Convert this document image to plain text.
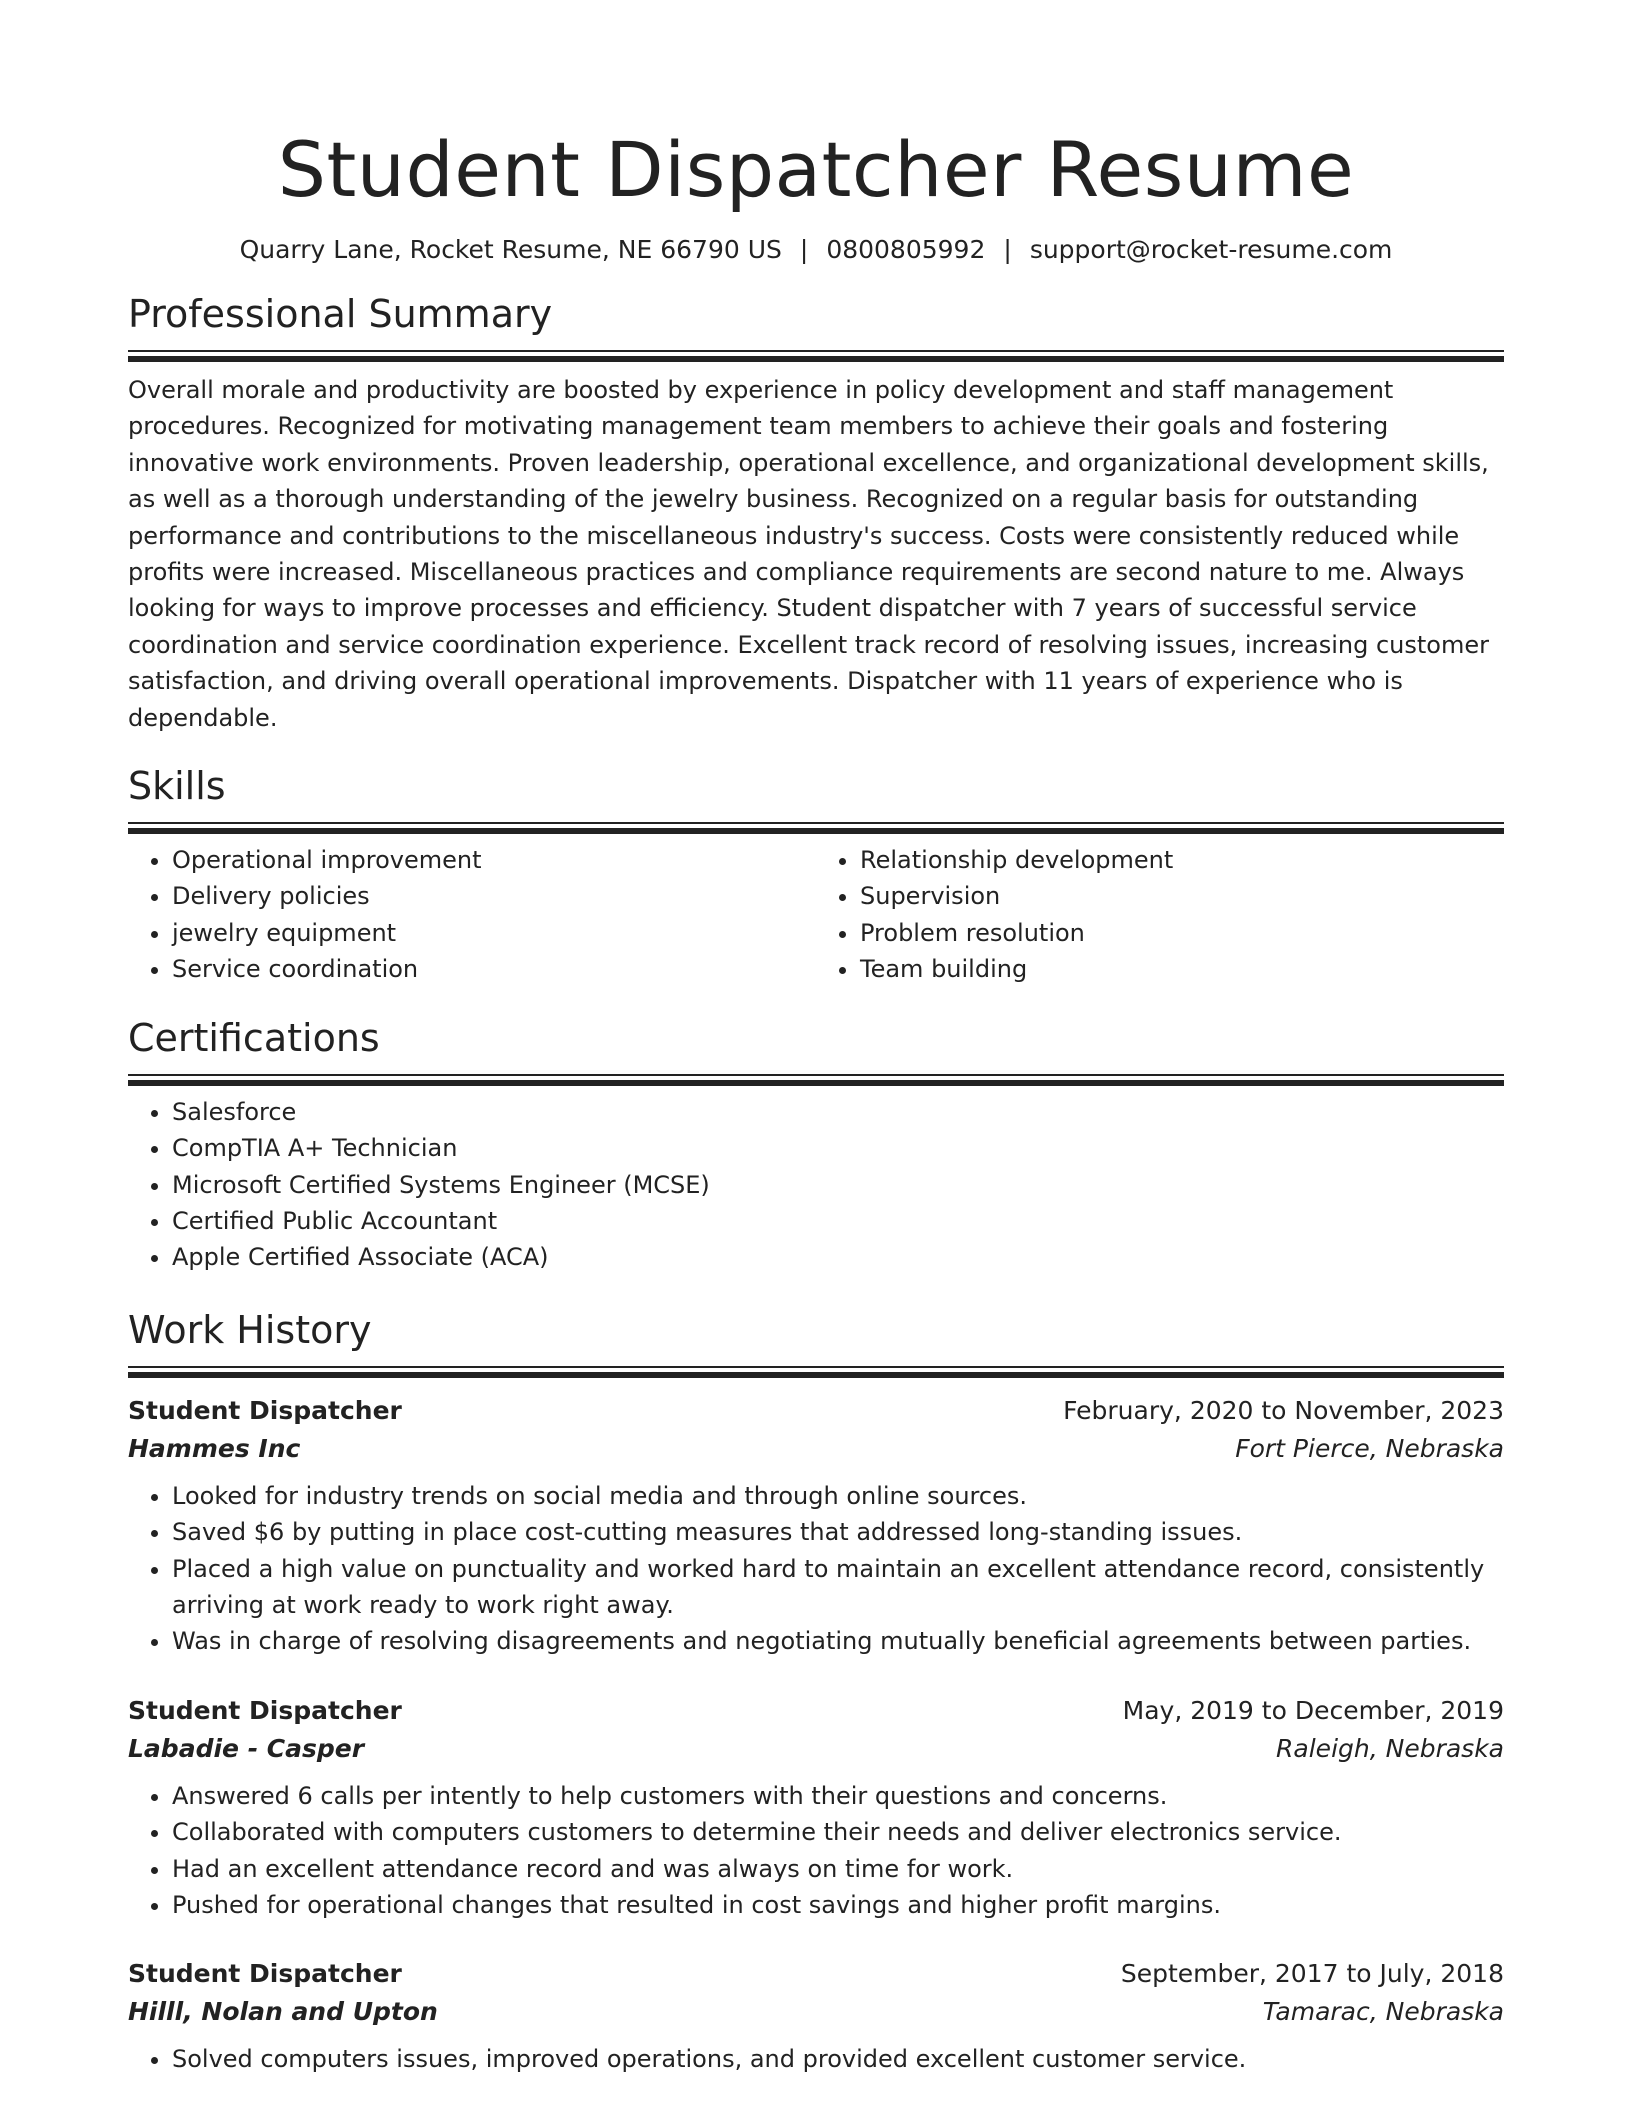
Student Dispatcher Resume
Quarry Lane, Rocket Resume, NE 66790 US | 0800805992 | support@rocket-resume.com
Professional Summary

Overall morale and productivity are boosted by experience in policy development and staff management procedures. Recognized for motivating management team members to achieve their goals and fostering innovative work environments. Proven leadership, operational excellence, and organizational development skills, as well as a thorough understanding of the jewelry business. Recognized on a regular basis for outstanding performance and contributions to the miscellaneous industry's success. Costs were consistently reduced while profits were increased. Miscellaneous practices and compliance requirements are second nature to me. Always looking for ways to improve processes and efficiency. Student dispatcher with 7 years of successful service coordination and service coordination experience. Excellent track record of resolving issues, increasing customer satisfaction, and driving overall operational improvements. Dispatcher with 11 years of experience who is dependable.

Skills
• Operational improvement
• Delivery policies
• jewelry equipment
• Service coordination
• Relationship development
• Supervision
• Problem resolution
• Team building
Certifications
• Salesforce
• CompTIA A+ Technician
• Microsoft Certified Systems Engineer (MCSE)
• Certified Public Accountant
• Apple Certified Associate (ACA)
Work History
Student Dispatcher	February, 2020 to November, 2023
Hammes Inc	Fort Pierce, Nebraska
• Looked for industry trends on social media and through online sources.
• Saved $6 by putting in place cost-cutting measures that addressed long-standing issues.
• Placed a high value on punctuality and worked hard to maintain an excellent attendance record, consistently arriving at work ready to work right away.
• Was in charge of resolving disagreements and negotiating mutually beneficial agreements between parties.
Student Dispatcher	May, 2019 to December, 2019
Labadie - Casper	Raleigh, Nebraska
• Answered 6 calls per intently to help customers with their questions and concerns.
• Collaborated with computers customers to determine their needs and deliver electronics service.
• Had an excellent attendance record and was always on time for work.
• Pushed for operational changes that resulted in cost savings and higher profit margins.
Student Dispatcher	September, 2017 to July, 2018
Hilll, Nolan and Upton	Tamarac, Nebraska
• Solved computers issues, improved operations, and provided excellent customer service.
